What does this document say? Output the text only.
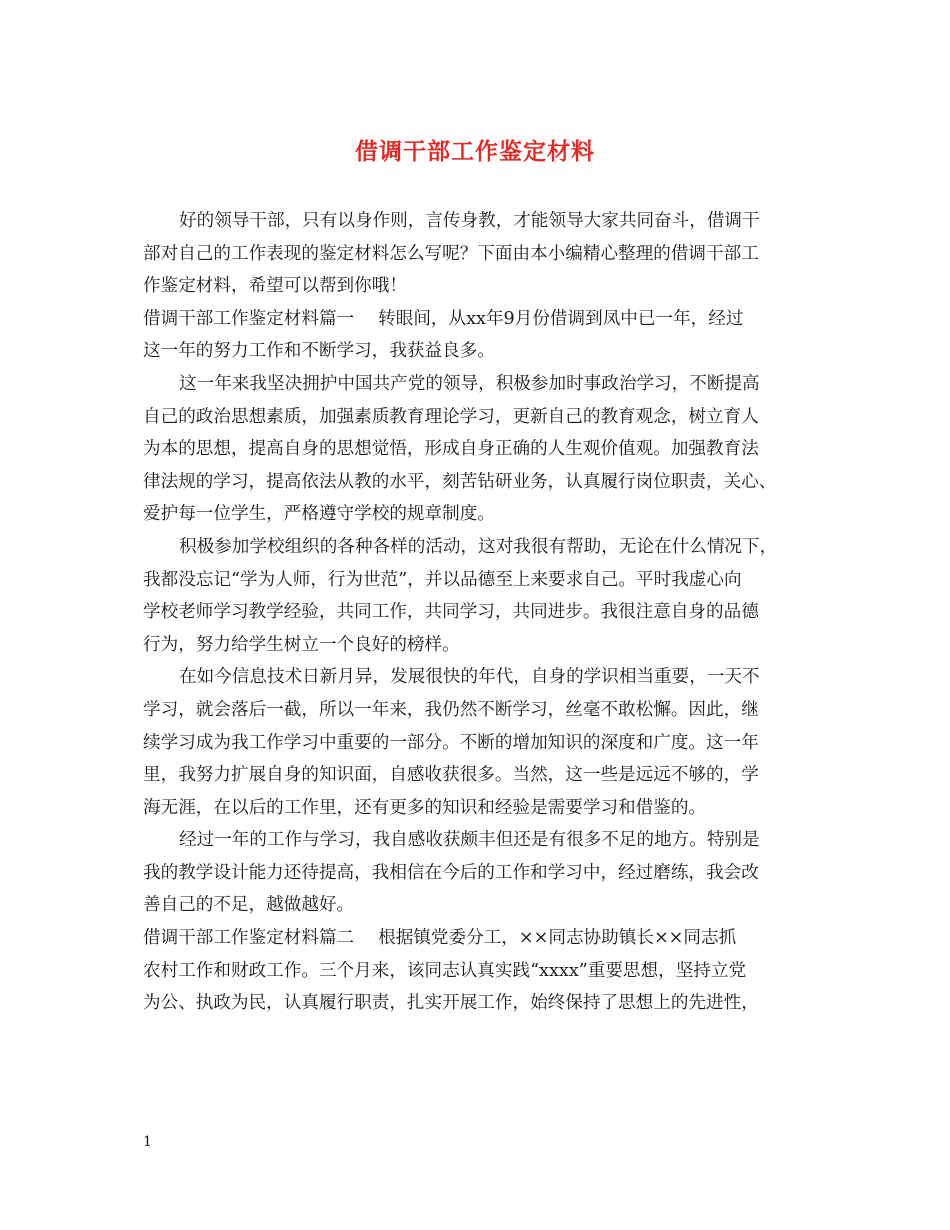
借调干部工作鉴定材料
好的领导干部，只有以身作则，言传身教，才能领导大家共同奋斗，借调干
部对自己的工作表现的鉴定材料怎么写呢？下面由本小编精心整理的借调干部工
作鉴定材料，希望可以帮到你哦！
借调干部工作鉴定材料篇一 转眼间，从xx年9月份借调到凤中已一年，经过
这一年的努力工作和不断学习，我获益良多。
这一年来我坚决拥护中国共产党的领导，积极参加时事政治学习，不断提高
自己的政治思想素质，加强素质教育理论学习，更新自己的教育观念，树立育人
为本的思想，提高自身的思想觉悟，形成自身正确的人生观价值观。加强教育法
律法规的学习，提高依法从教的水平，刻苦钻研业务，认真履行岗位职责，关心、
爱护每一位学生，严格遵守学校的规章制度。
积极参加学校组织的各种各样的活动，这对我很有帮助，无论在什么情况下，
我都没忘记“学为人师，行为世范”，并以品德至上来要求自己。平时我虚心向
学校老师学习教学经验，共同工作，共同学习，共同进步。我很注意自身的品德
行为，努力给学生树立一个良好的榜样。
在如今信息技术日新月异，发展很快的年代，自身的学识相当重要，一天不
学习，就会落后一截，所以一年来，我仍然不断学习，丝毫不敢松懈。因此，继
续学习成为我工作学习中重要的一部分。不断的增加知识的深度和广度。这一年
里，我努力扩展自身的知识面，自感收获很多。当然，这一些是远远不够的，学
海无涯，在以后的工作里，还有更多的知识和经验是需要学习和借鉴的。
经过一年的工作与学习，我自感收获颇丰但还是有很多不足的地方。特别是
我的教学设计能力还待提高，我相信在今后的工作和学习中，经过磨练，我会改
善自己的不足，越做越好。
借调干部工作鉴定材料篇二 根据镇党委分工，××同志协助镇长××同志抓
农村工作和财政工作。三个月来，该同志认真实践“xxxx”重要思想，坚持立党
为公、执政为民，认真履行职责，扎实开展工作，始终保持了思想上的先进性，
1
